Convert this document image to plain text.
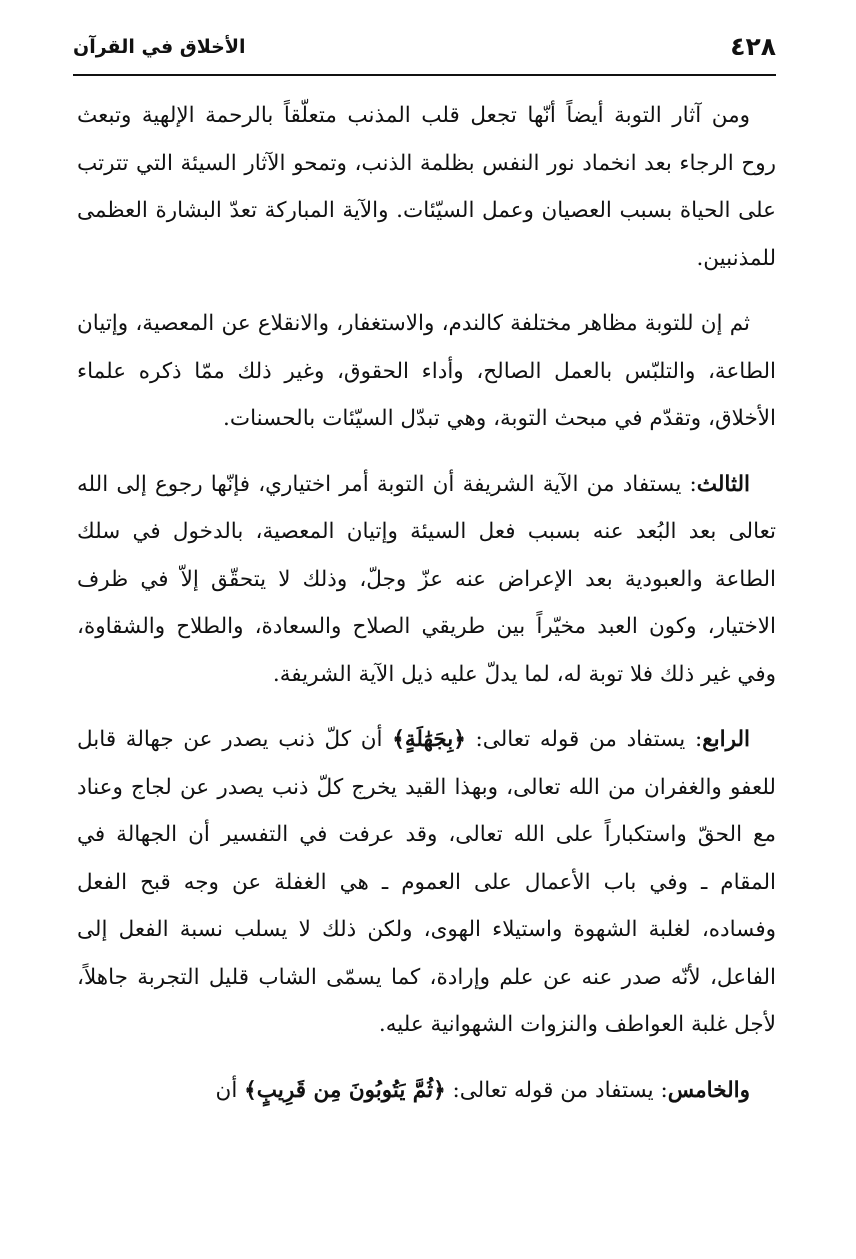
٤٢٨
الأخلاق في القرآن

ومن آثار التوبة أيضاً أنّها تجعل قلب المذنب متعلّقاً بالرحمة الإلهية وتبعث روح الرجاء بعد انخماد نور النفس بظلمة الذنب، وتمحو الآثار السيئة التي تترتب على الحياة بسبب العصيان وعمل السيّئات. والآية المباركة تعدّ البشارة العظمى للمذنبين.

ثم إن للتوبة مظاهر مختلفة كالندم، والاستغفار، والانقلاع عن المعصية، وإتيان الطاعة، والتلبّس بالعمل الصالح، وأداء الحقوق، وغير ذلك ممّا ذكره علماء الأخلاق، وتقدّم في مبحث التوبة، وهي تبدّل السيّئات بالحسنات.

الثالث: يستفاد من الآية الشريفة أن التوبة أمر اختياري، فإنّها رجوع إلى الله تعالى بعد البُعد عنه بسبب فعل السيئة وإتيان المعصية، بالدخول في سلك الطاعة والعبودية بعد الإعراض عنه عزّ وجلّ، وذلك لا يتحقّق إلاّ في ظرف الاختيار، وكون العبد مخيّراً بين طريقي الصلاح والسعادة، والطلاح والشقاوة، وفي غير ذلك فلا توبة له، لما يدلّ عليه ذيل الآية الشريفة.

الرابع: يستفاد من قوله تعالى: ﴿بِجَهَٰلَةٍ﴾ أن كلّ ذنب يصدر عن جهالة قابل للعفو والغفران من الله تعالى، وبهذا القيد يخرج كلّ ذنب يصدر عن لجاج وعناد مع الحقّ واستكباراً على الله تعالى، وقد عرفت في التفسير أن الجهالة في المقام ـ وفي باب الأعمال على العموم ـ هي الغفلة عن وجه قبح الفعل وفساده، لغلبة الشهوة واستيلاء الهوى، ولكن ذلك لا يسلب نسبة الفعل إلى الفاعل، لأنّه صدر عنه عن علم وإرادة، كما يسمّى الشاب قليل التجربة جاهلاً، لأجل غلبة العواطف والنزوات الشهوانية عليه.

والخامس: يستفاد من قوله تعالى: ﴿ثُمَّ يَتُوبُونَ مِن قَرِيبٍ﴾ أن
